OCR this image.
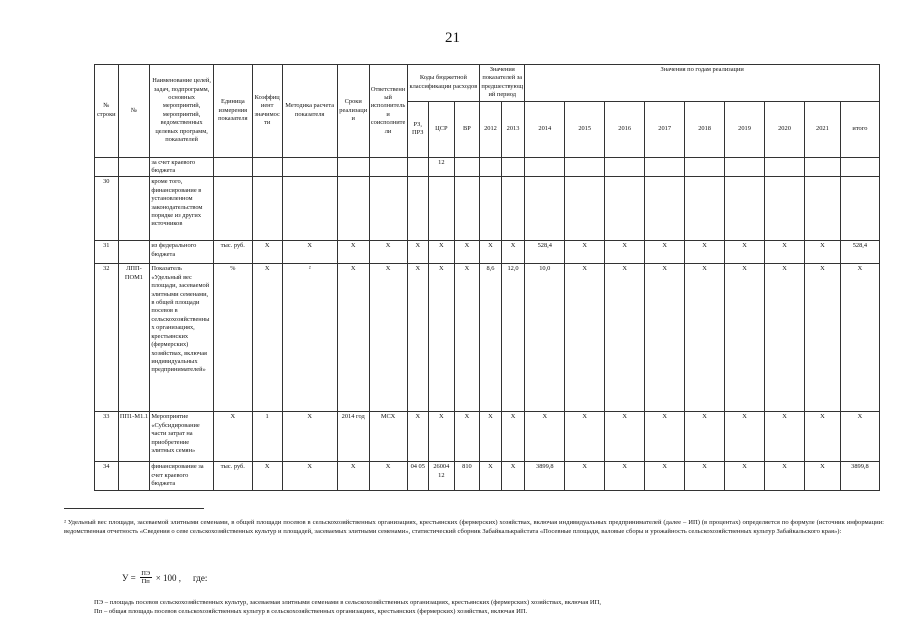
21
№ строки	№	Наименование целей, задач, подпрограмм, основных мероприятий, мероприятий, ведомственных целевых программ, показателей	Единица измерения показателя	Коэффициент значимости	Методика расчета показателя	Сроки реализации	Ответственный исполнитель и соисполнители	Коды бюджетной классификации расходов			Значения показателей за предшествующий период		Значения по годам реализации								
								РЗ, ПРЗ	ЦСР	ВР	2012	2013	2014	2015	2016	2017	2018	2019	2020	2021	итого
		за счет краевого бюджета							12												
30		кроме того, финансирование в установленном законодательством порядке из других источников																			
31		из федерального бюджета	тыс. руб.	X	X	X	X	X	X	X	X	X	528,4	X	X	X	X	X	X	X	528,4
32	ЛПП-ПОМ1	Показатель «Удельный вес площади, засеваемой элитными семенами, в общей площади посевов в сельскохозяйственных организациях, крестьянских (фермерских) хозяйствах, включая индивидуальных предпринимателей»	%	X	²	X	X	X	X	X	8,6	12,0	10,0	X	X	X	X	X	X	X	X
33	ПП1-М1.1	Мероприятие «Субсидирование части затрат на приобретение элитных семян»	X	1	X	2014 год	МСХ	X	X	X	X	X	X	X	X	X	X	X	X	X	X
34		финансирование за счет краевого бюджета	тыс. руб.	X	X	X	X	04 05	26004 12	810	X	X	3899,8	X	X	X	X	X	X	X	3899,8
² Удельный вес площади, засеваемой элитными семенами, в общей площади посевов в сельскохозяйственных организациях, крестьянских (фермерских) хозяйствах, включая индивидуальных предпринимателей (далее – ИП) (в процентах) определяется по формуле (источник информации: ведомственная отчетность «Сведения о севе сельскохозяйственных культур и площадей, засеваемых элитными семенами», статистический сборник Забайкалькрайстата «Посевные площади, валовые сборы и урожайность сельскохозяйственных культур Забайкальского края»):
$У = \frac{ПЭ}{Пп} \times 100$ , где:
ПЭ – площадь посевов сельскохозяйственных культур, засеваемая элитными семенами в сельскохозяйственных организациях, крестьянских (фермерских) хозяйствах, включая ИП,
Пп – общая площадь посевов сельскохозяйственных культур в сельскохозяйственных организациях, крестьянских (фермерских) хозяйствах, включая ИП.
